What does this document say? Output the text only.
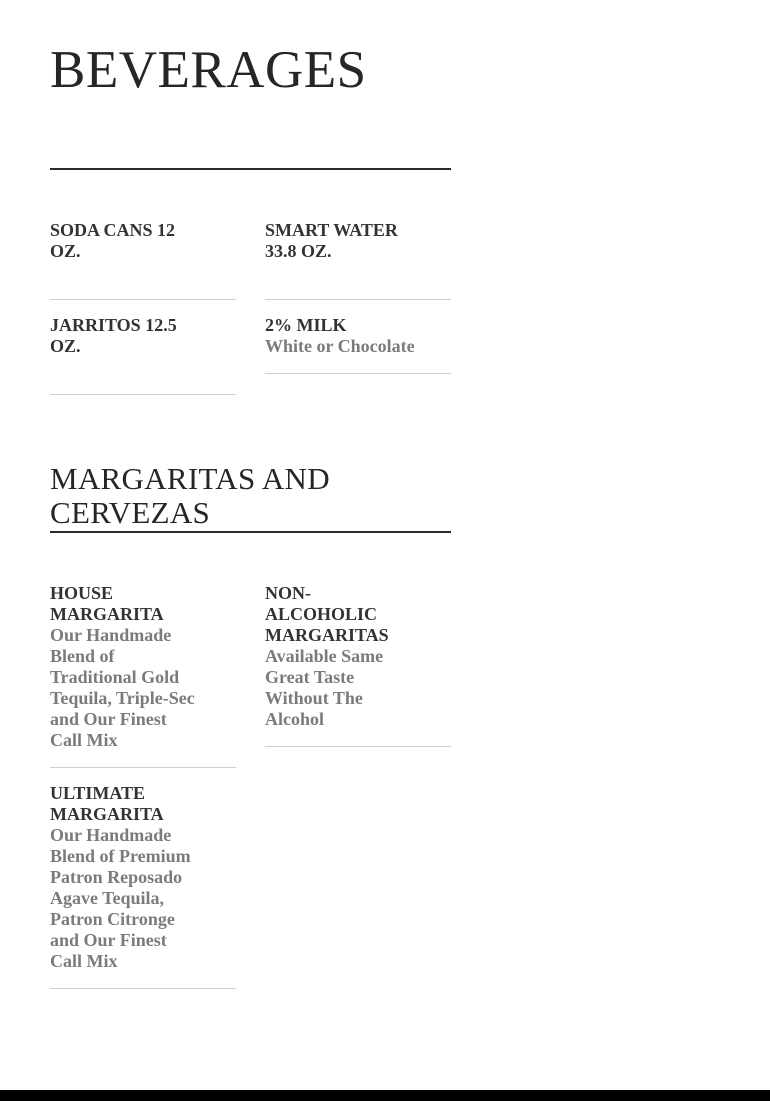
BEVERAGES
SODA CANS 12 OZ.
SMART WATER 33.8 OZ.
JARRITOS 12.5 OZ.
2% MILK
White or Chocolate
MARGARITAS AND CERVEZAS
HOUSE MARGARITA
Our Handmade Blend of Traditional Gold Tequila, Triple-Sec and Our Finest Call Mix
ULTIMATE MARGARITA
Our Handmade Blend of Premium Patron Reposado Agave Tequila, Patron Citronge and Our Finest Call Mix
NON-ALCOHOLIC MARGARITAS
Available Same Great Taste Without The Alcohol
